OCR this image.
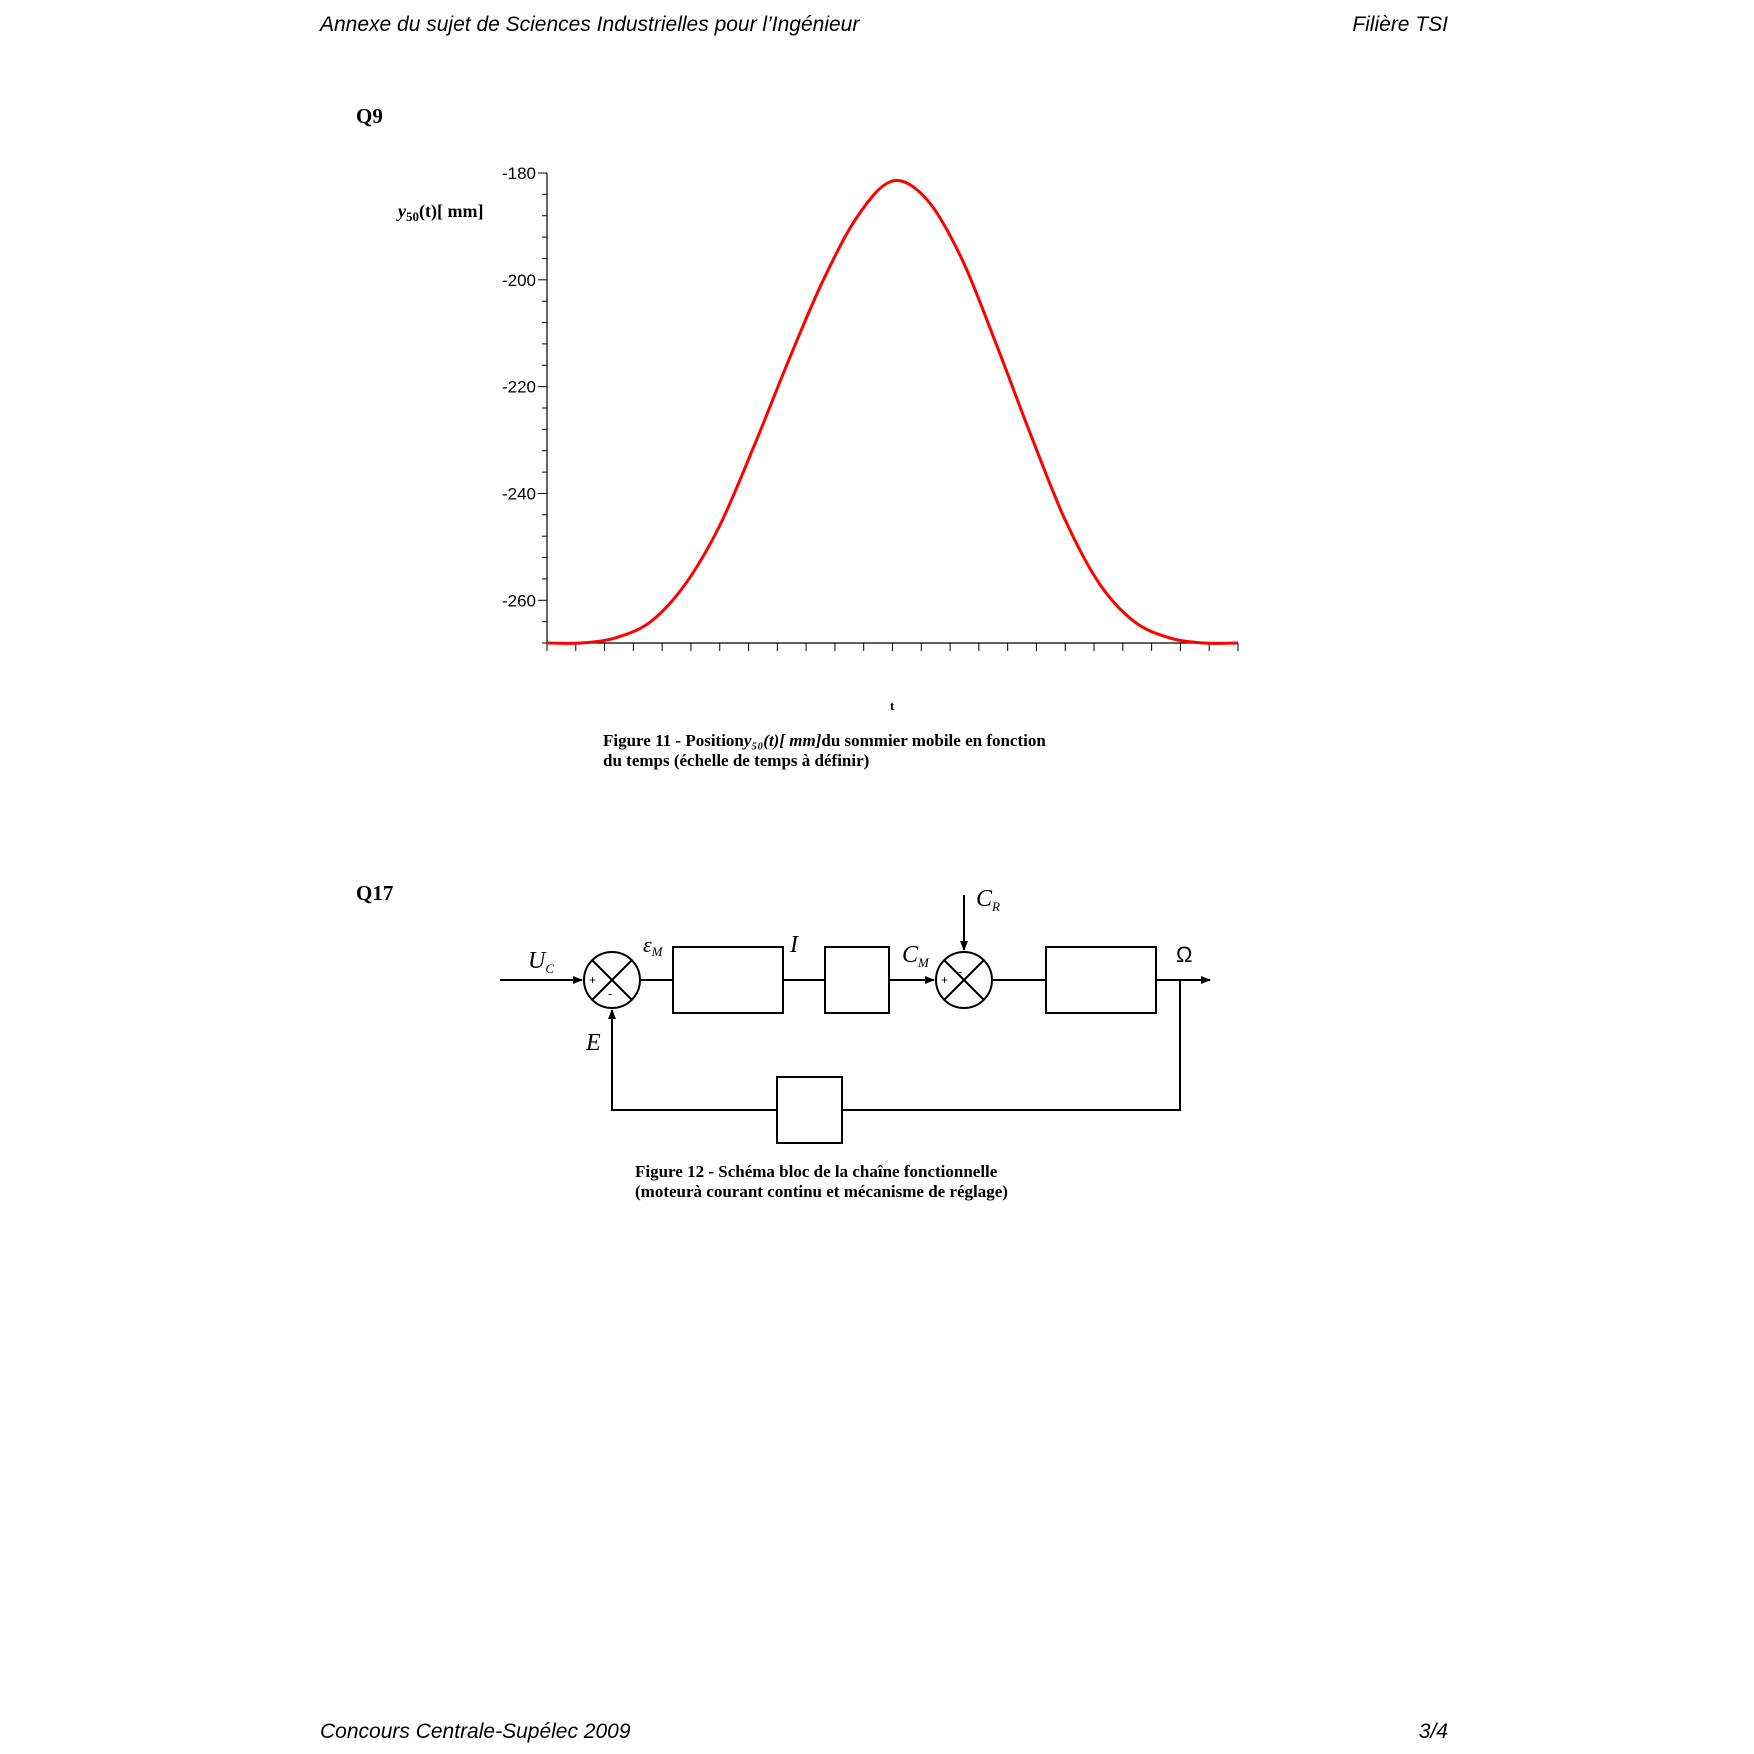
Annexe du sujet de Sciences Industrielles pour l’Ingénieur	Filière TSI
Q9
-180
-200
-220
-240
-260
$y_{50}(t)$[ mm]
t
Figure 11 - Positiony₅₀(t)[ mm]du sommier mobile en fonction
du temps (échelle de temps à définir)
Q17
$U_C$
εM	I	$C_M$
$C_R$
Ω
E
+
-
+
-
Figure 12 - Schéma bloc de la chaîne fonctionnelle
(moteurà courant continu et mécanisme de réglage)
Concours Centrale-Supélec 2009	3/4
